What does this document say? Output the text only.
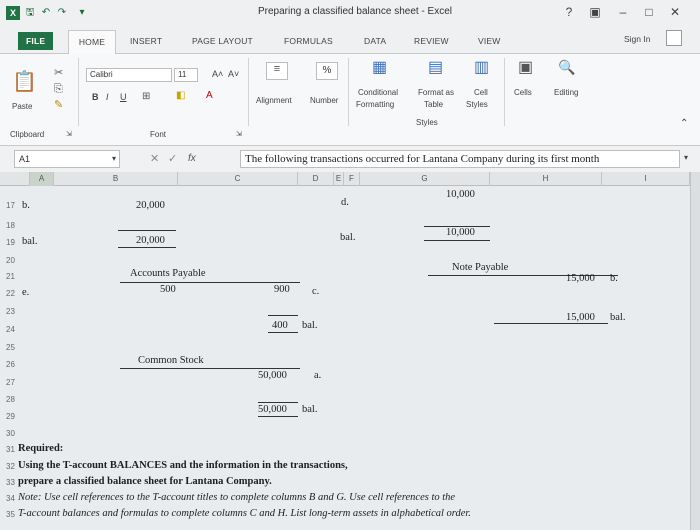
X 🖫 ↶ ↷	▾	Preparing a classified balance sheet - Excel	?	▣	–	□	✕
FILE	HOME	INSERT	PAGE LAYOUT	FORMULAS	DATA	REVIEW	VIEW	Sign In
📋
Paste
✂
⎘
✎
Clipboard	⇲
Calibri	11	A˄ A˅
B I U ⊞	◧ A
Font	⇲
≡
Alignment
%
Number
▦
Conditional
Formatting
▤
Format as
Table
▥
Cell
Styles
Styles
▣
Cells
🔍
Editing
⌃
A1	▾	✕ ✓ fx	The following transactions occurred for Lantana Company during its first month	▾
A	B	C	D	E F	G	H	I
17
18
19
20
21
22
23
24
25
26
27
28
29
30
31
32
33
34
35
b.	20,000	d.
10,000
bal.	20,000	bal.	10,000
Accounts Payable
Note Payable
e.	500	900 c.
15,000 b.
400 bal.
15,000 bal.
Common Stock
50,000	a.
50,000 bal.
Required:
Using the T-account BALANCES and the information in the transactions,
prepare a classified balance sheet for Lantana Company.
Note: Use cell references to the T-account titles to complete columns B and G. Use cell references to the
T-account balances and formulas to complete columns C and H. List long-term assets in alphabetical order.
